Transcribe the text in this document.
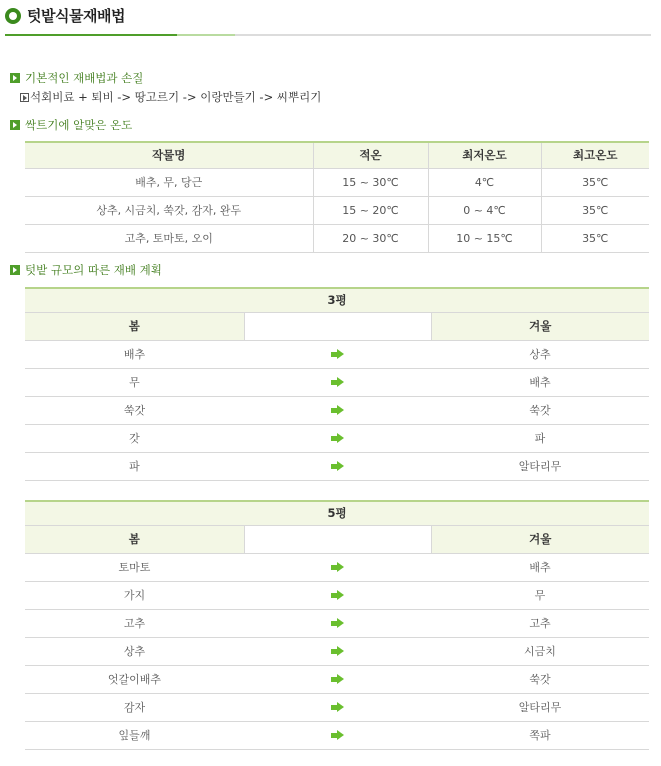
텃밭식물재배법
기본적인 재배법과 손질
석회비료 + 퇴비 -> 땅고르기 -> 이랑만들기 -> 씨뿌리기
싹트기에 알맞은 온도
작물명	적온	최저온도	최고온도
배추, 무, 당근	15 ~ 30℃	4℃	35℃
상추, 시금치, 쑥갓, 감자, 완두	15 ~ 20℃	0 ~ 4℃	35℃
고추, 토마토, 오이	20 ~ 30℃	10 ~ 15℃	35℃
텃밭 규모의 따른 재배 계획
3평		
봄		겨울
배추		상추
무		배추
쑥갓		쑥갓
갓		파
파		알타리무
5평		
봄		겨울
토마토		배추
가지		무
고추		고추
상추		시금치
엇갈이배추		쑥갓
감자		알타리무
잎들깨		쪽파
